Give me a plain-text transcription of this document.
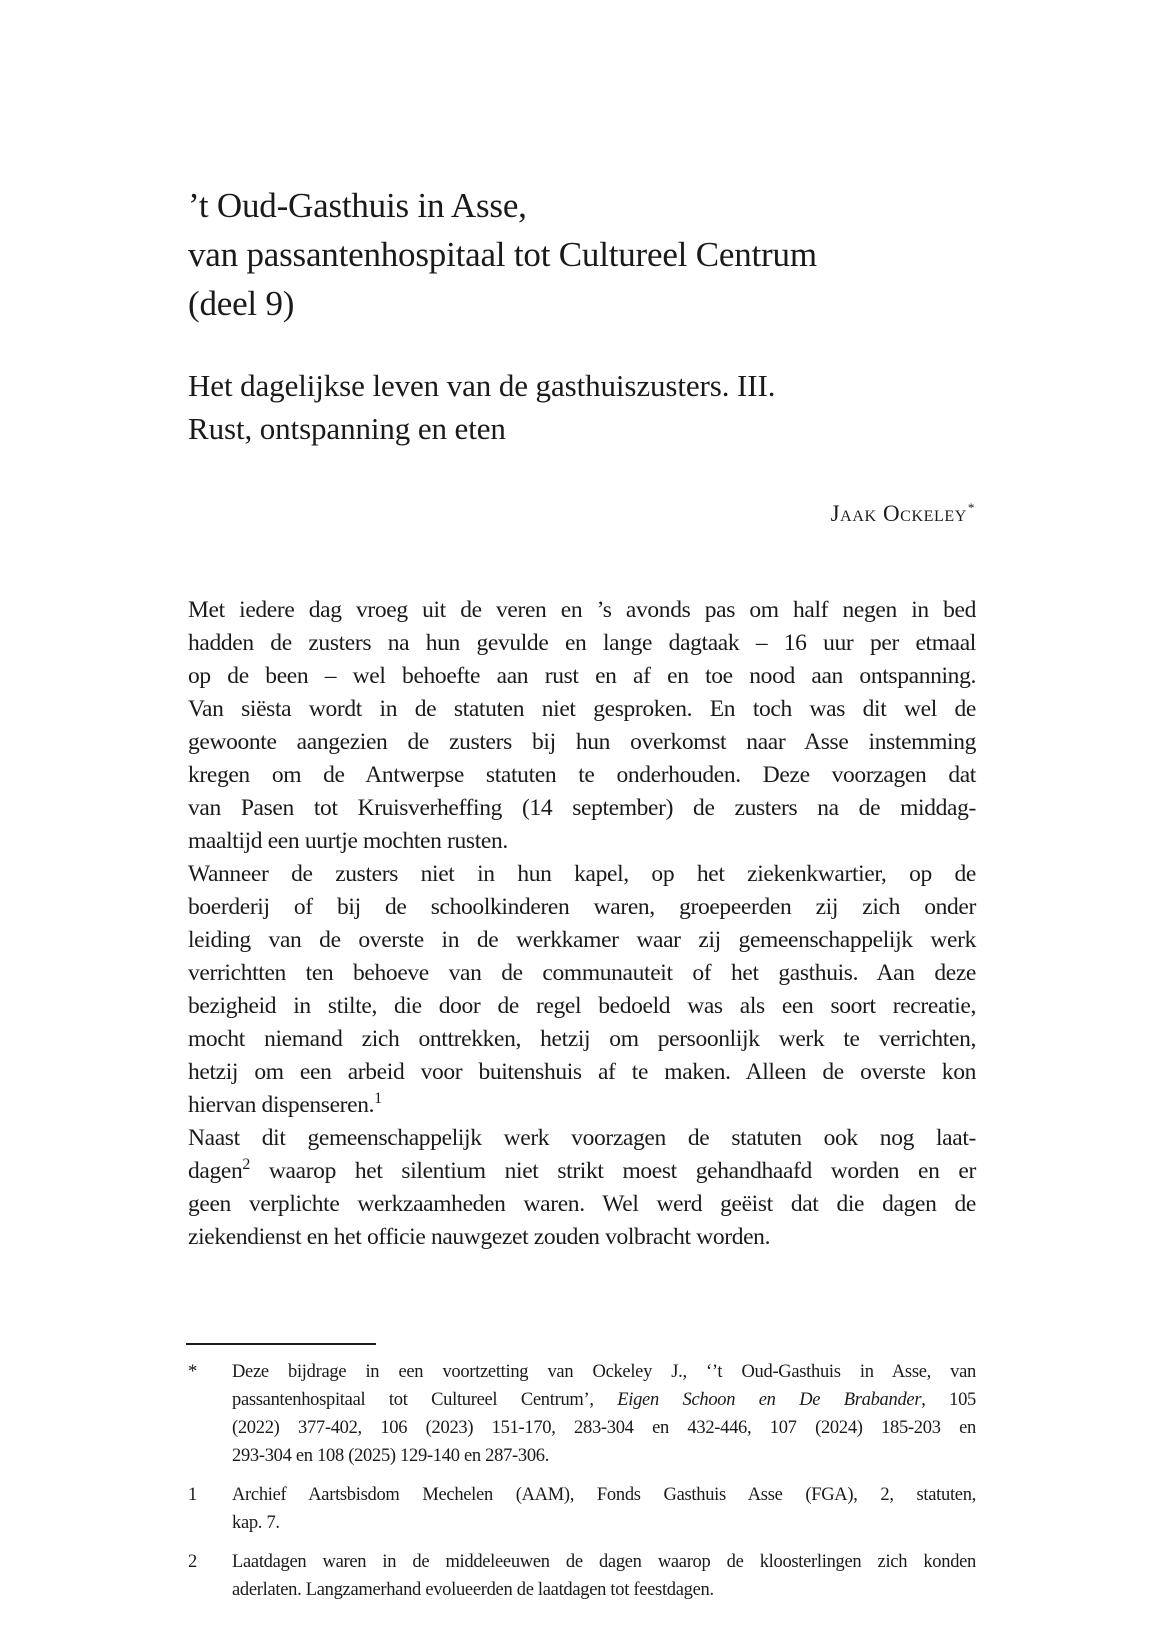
’t Oud-Gasthuis in Asse,
van passantenhospitaal tot Cultureel Centrum
(deel 9)
Het dagelijkse leven van de gasthuiszusters. III.
Rust, ontspanning en eten
Jaak Ockeley*
Met iedere dag vroeg uit de veren en ’s avonds pas om half negen in bed
hadden de zusters na hun gevulde en lange dagtaak – 16 uur per etmaal
op de been – wel behoefte aan rust en af en toe nood aan ontspanning.
Van siësta wordt in de statuten niet gesproken. En toch was dit wel de
gewoonte aangezien de zusters bij hun overkomst naar Asse instemming
kregen om de Antwerpse statuten te onderhouden. Deze voorzagen dat
van Pasen tot Kruisverheffing (14 september) de zusters na de middag-
maaltijd een uurtje mochten rusten.
Wanneer de zusters niet in hun kapel, op het ziekenkwartier, op de
boerderij of bij de schoolkinderen waren, groepeerden zij zich onder
leiding van de overste in de werkkamer waar zij gemeenschappelijk werk
verrichtten ten behoeve van de communauteit of het gasthuis. Aan deze
bezigheid in stilte, die door de regel bedoeld was als een soort recreatie,
mocht niemand zich onttrekken, hetzij om persoonlijk werk te verrichten,
hetzij om een arbeid voor buitenshuis af te maken. Alleen de overste kon
hiervan dispenseren.$^1$
Naast dit gemeenschappelijk werk voorzagen de statuten ook nog laat-
dagen$^2$ waarop het silentium niet strikt moest gehandhaafd worden en er
geen verplichte werkzaamheden waren. Wel werd geëist dat die dagen de
ziekendienst en het officie nauwgezet zouden volbracht worden.
* Deze bijdrage in een voortzetting van Ockeley J., ‘’t Oud-Gasthuis in Asse, van
passantenhospitaal tot Cultureel Centrum’, Eigen Schoon en De Brabander, 105
(2022) 377-402, 106 (2023) 151-170, 283-304 en 432-446, 107 (2024) 185-203 en
293-304 en 108 (2025) 129-140 en 287-306.
1 Archief Aartsbisdom Mechelen (AAM), Fonds Gasthuis Asse (FGA), 2, statuten,
kap. 7.
2 Laatdagen waren in de middeleeuwen de dagen waarop de kloosterlingen zich konden
aderlaten. Langzamerhand evolueerden de laatdagen tot feestdagen.
